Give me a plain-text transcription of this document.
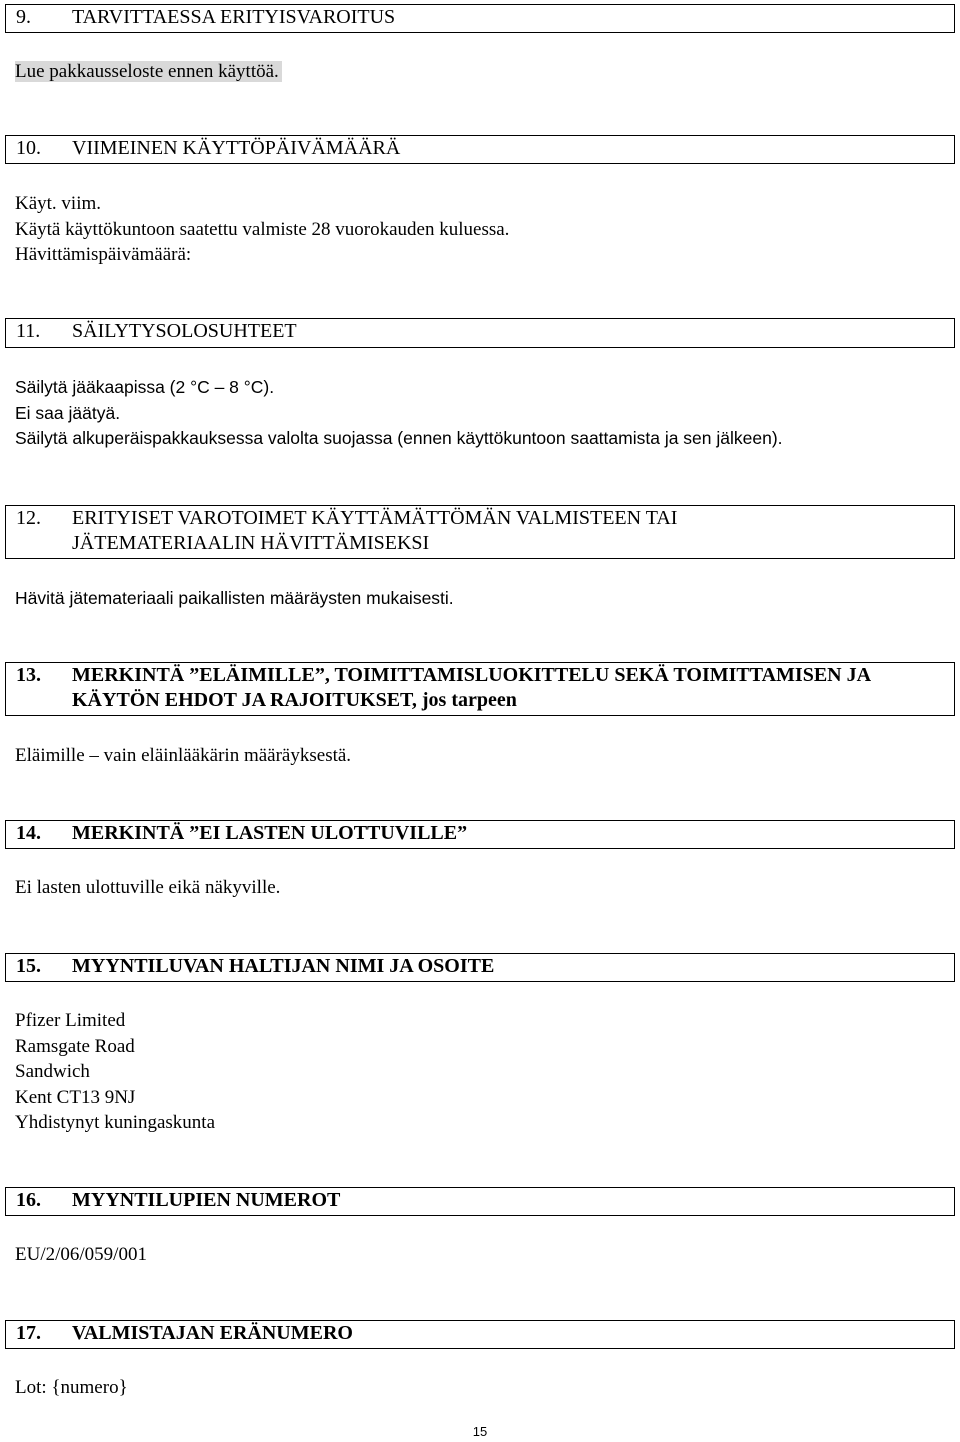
9.	TARVITTAESSA ERITYISVAROITUS
Lue pakkausseloste ennen käyttöä.
10.	VIIMEINEN KÄYTTÖPÄIVÄMÄÄRÄ
Käyt. viim.
Käytä käyttökuntoon saatettu valmiste 28 vuorokauden kuluessa.
Hävittämispäivämäärä:
11.	SÄILYTYSOLOSUHTEET
Säilytä jääkaapissa (2 °C – 8 °C).
Ei saa jäätyä.
Säilytä alkuperäispakkauksessa valolta suojassa (ennen käyttökuntoon saattamista ja sen jälkeen).
12.	ERITYISET VAROTOIMET KÄYTTÄMÄTTÖMÄN VALMISTEEN TAI
JÄTEMATERIAALIN HÄVITTÄMISEKSI
Hävitä jätemateriaali paikallisten määräysten mukaisesti.
13.	MERKINTÄ ”ELÄIMILLE”, TOIMITTAMISLUOKITTELU SEKÄ TOIMITTAMISEN JA
KÄYTÖN EHDOT JA RAJOITUKSET, jos tarpeen
Eläimille – vain eläinlääkärin määräyksestä.
14.	MERKINTÄ ”EI LASTEN ULOTTUVILLE”
Ei lasten ulottuville eikä näkyville.
15.	MYYNTILUVAN HALTIJAN NIMI JA OSOITE
Pfizer Limited
Ramsgate Road
Sandwich
Kent CT13 9NJ
Yhdistynyt kuningaskunta
16.	MYYNTILUPIEN NUMEROT
EU/2/06/059/001
17.	VALMISTAJAN ERÄNUMERO
Lot: {numero}
15
